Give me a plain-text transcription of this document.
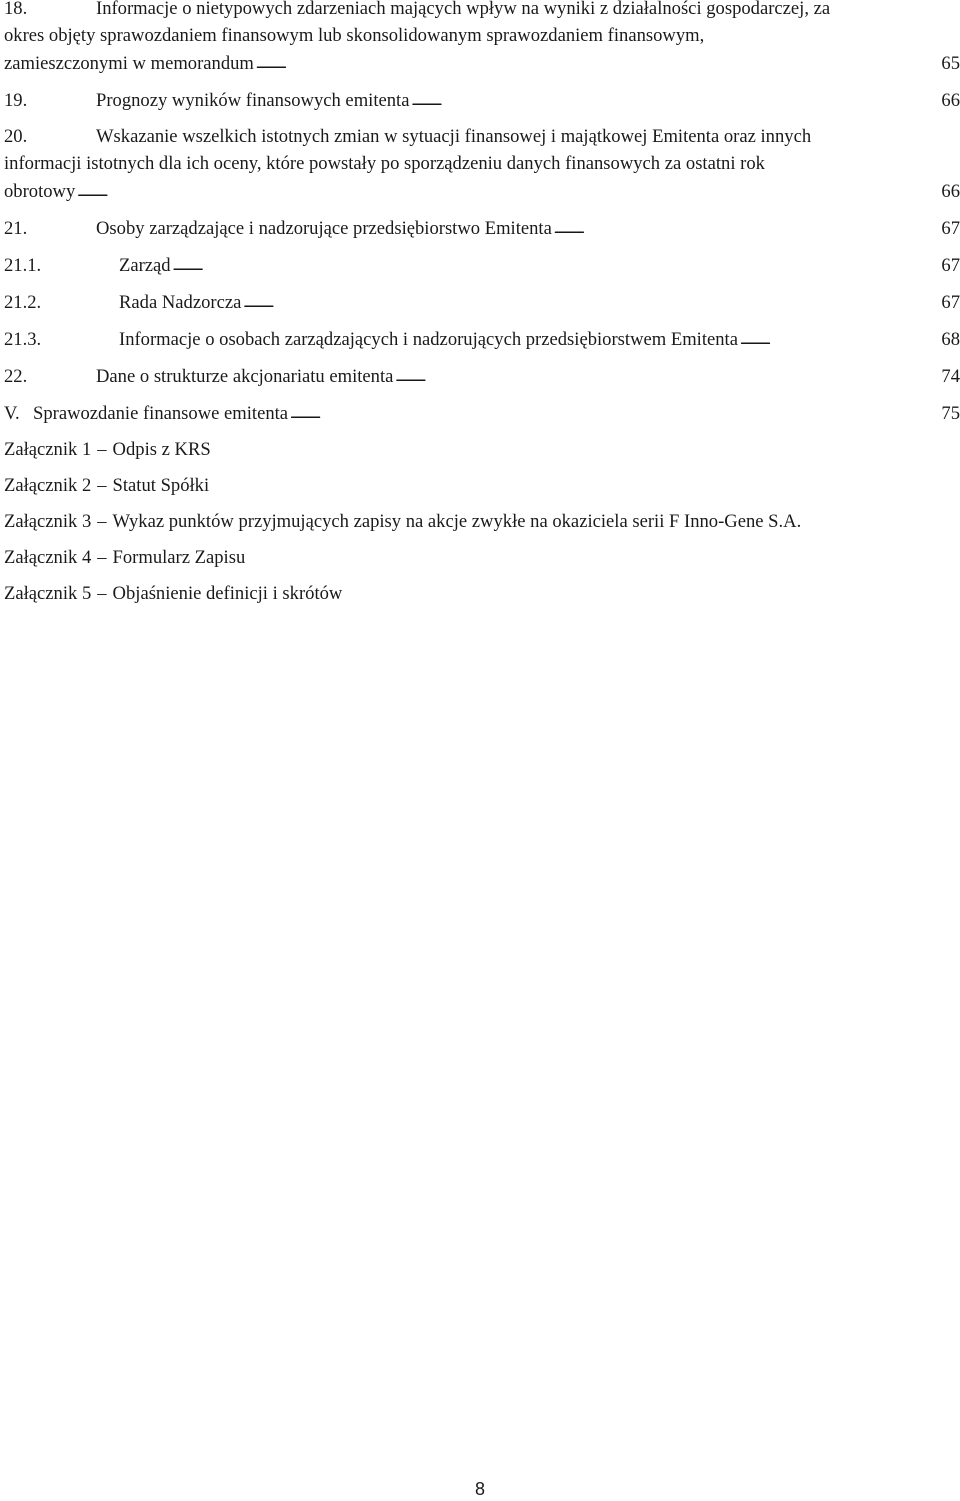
18.	Informacje o nietypowych zdarzeniach mających wpływ na wyniki z działalności gospodarczej, za
okres objęty sprawozdaniem finansowym lub skonsolidowanym sprawozdaniem finansowym,
zamieszczonymi w memorandum . . .	65
19.	Prognozy wyników finansowych emitenta . . .	66
20.	Wskazanie wszelkich istotnych zmian w sytuacji finansowej i majątkowej Emitenta oraz innych
informacji istotnych dla ich oceny, które powstały po sporządzeniu danych finansowych za ostatni rok
obrotowy . . .	66
21.	Osoby zarządzające i nadzorujące przedsiębiorstwo Emitenta . . .	67
21.1.	Zarząd . . .	67
21.2.	Rada Nadzorcza . . .	67
21.3.	Informacje o osobach zarządzających i nadzorujących przedsiębiorstwem Emitenta . . .	68
22.	Dane o strukturze akcjonariatu emitenta . . .	74
V. Sprawozdanie finansowe emitenta . . .	75
Załącznik 1 – Odpis z KRS
Załącznik 2 – Statut Spółki
Załącznik 3 – Wykaz punktów przyjmujących zapisy na akcje zwykłe na okaziciela serii F Inno-Gene S.A.
Załącznik 4 – Formularz Zapisu
Załącznik 5 – Objaśnienie definicji i skrótów
8
